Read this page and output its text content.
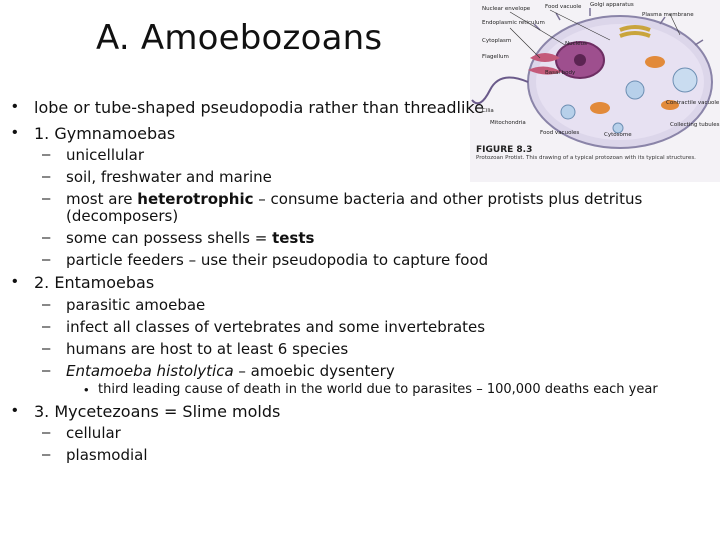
A. Amoebozoans
Nuclear envelope	Food vacuole Golgi apparatus
Plasma membrane
Endoplasmic reticulum
Cytoplasm	Nucleus
Flagellum
Basal body
Cilia
Mitochondria
Food vacuoles	Cytosome
Contractile vacuole
Collecting tubules
FIGURE 8.3
Protozoan Protist. This drawing of a typical protozoan with its typical structures.
• lobe or tube-shaped pseudopodia rather than threadlike
• 1. Gymnamoebas
– unicellular
– soil, freshwater and marine
– most are heterotrophic – consume bacteria and other protists plus detritus
(decomposers)
– some can possess shells = tests
– particle feeders – use their pseudopodia to capture food
• 2. Entamoebas
– parasitic amoebae
– infect all classes of vertebrates and some invertebrates
– humans are host to at least 6 species
– Entamoeba histolytica – amoebic dysentery
• third leading cause of death in the world due to parasites – 100,000 deaths each year
• 3. Mycetezoans = Slime molds
– cellular
– plasmodial
